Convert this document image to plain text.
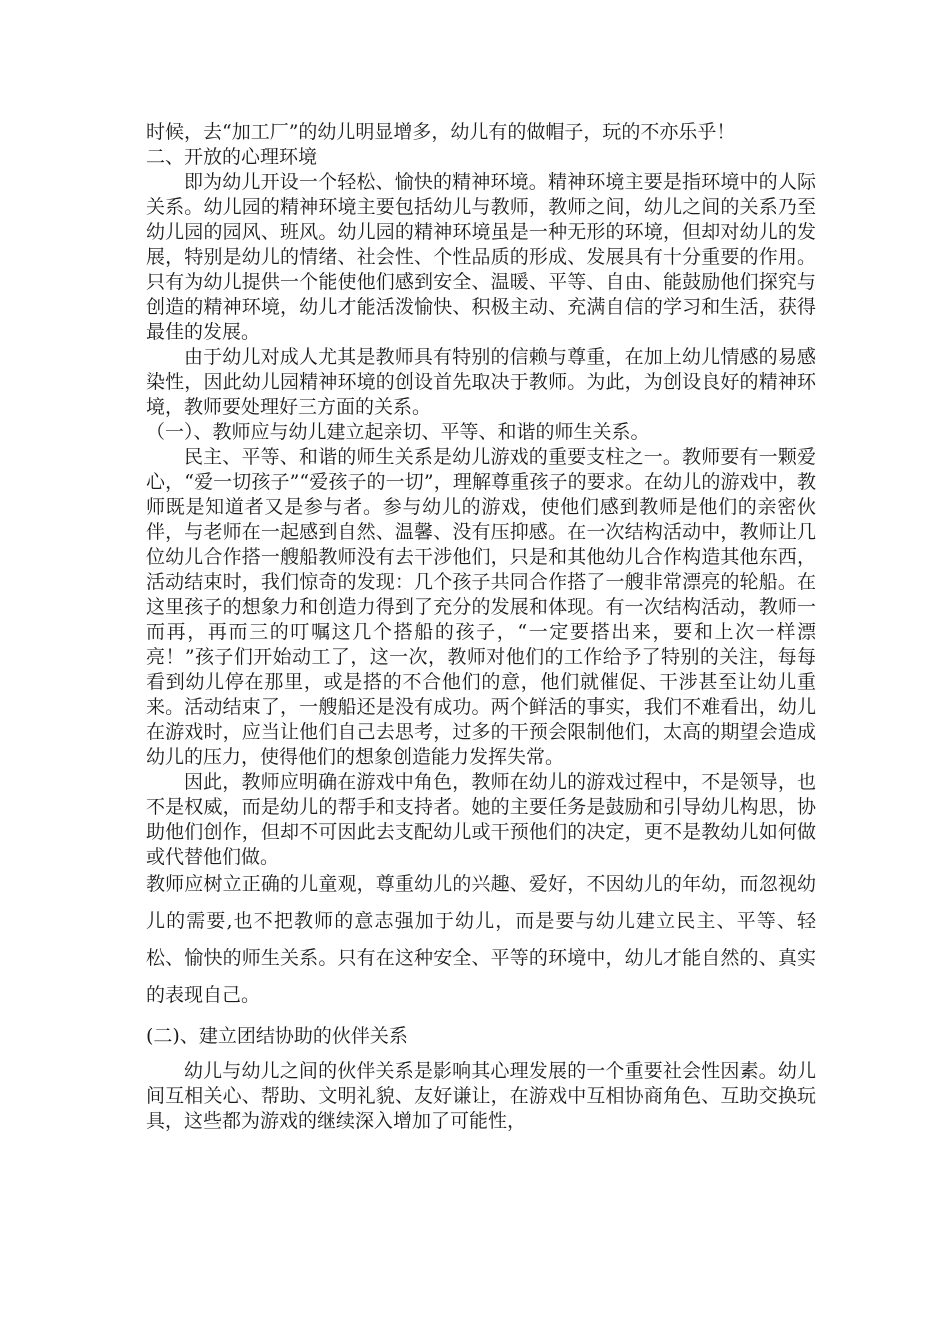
时候，去“加工厂”的幼儿明显增多，幼儿有的做帽子，玩的不亦乐乎！

二、开放的心理环境

即为幼儿开设一个轻松、愉快的精神环境。精神环境主要是指环境中的人际关系。幼儿园的精神环境主要包括幼儿与教师，教师之间，幼儿之间的关系乃至幼儿园的园风、班风。幼儿园的精神环境虽是一种无形的环境，但却对幼儿的发展，特别是幼儿的情绪、社会性、个性品质的形成、发展具有十分重要的作用。只有为幼儿提供一个能使他们感到安全、温暖、平等、自由、能鼓励他们探究与创造的精神环境，幼儿才能活泼愉快、积极主动、充满自信的学习和生活，获得最佳的发展。

由于幼儿对成人尤其是教师具有特别的信赖与尊重，在加上幼儿情感的易感染性，因此幼儿园精神环境的创设首先取决于教师。为此，为创设良好的精神环境，教师要处理好三方面的关系。

（一）、教师应与幼儿建立起亲切、平等、和谐的师生关系。

民主、平等、和谐的师生关系是幼儿游戏的重要支柱之一。教师要有一颗爱心，“爱一切孩子”“爱孩子的一切”，理解尊重孩子的要求。在幼儿的游戏中，教师既是知道者又是参与者。参与幼儿的游戏，使他们感到教师是他们的亲密伙伴，与老师在一起感到自然、温馨、没有压抑感。在一次结构活动中，教师让几位幼儿合作搭一艘船教师没有去干涉他们，只是和其他幼儿合作构造其他东西，活动结束时，我们惊奇的发现：几个孩子共同合作搭了一艘非常漂亮的轮船。在这里孩子的想象力和创造力得到了充分的发展和体现。有一次结构活动，教师一而再，再而三的叮嘱这几个搭船的孩子，“一定要搭出来，要和上次一样漂亮！”孩子们开始动工了，这一次，教师对他们的工作给予了特别的关注，每每看到幼儿停在那里，或是搭的不合他们的意，他们就催促、干涉甚至让幼儿重来。活动结束了，一艘船还是没有成功。两个鲜活的事实，我们不难看出，幼儿在游戏时，应当让他们自己去思考，过多的干预会限制他们，太高的期望会造成幼儿的压力，使得他们的想象创造能力发挥失常。

因此，教师应明确在游戏中角色，教师在幼儿的游戏过程中，不是领导，也不是权威，而是幼儿的帮手和支持者。她的主要任务是鼓励和引导幼儿构思，协助他们创作，但却不可因此去支配幼儿或干预他们的决定，更不是教幼儿如何做或代替他们做。

教师应树立正确的儿童观，尊重幼儿的兴趣、爱好，不因幼儿的年幼，而忽视幼儿的需要,也不把教师的意志强加于幼儿，而是要与幼儿建立民主、平等、轻松、愉快的师生关系。只有在这种安全、平等的环境中，幼儿才能自然的、真实的表现自己。

(二)、建立团结协助的伙伴关系

幼儿与幼儿之间的伙伴关系是影响其心理发展的一个重要社会性因素。幼儿间互相关心、帮助、文明礼貌、友好谦让，在游戏中互相协商角色、互助交换玩具，这些都为游戏的继续深入增加了可能性，
